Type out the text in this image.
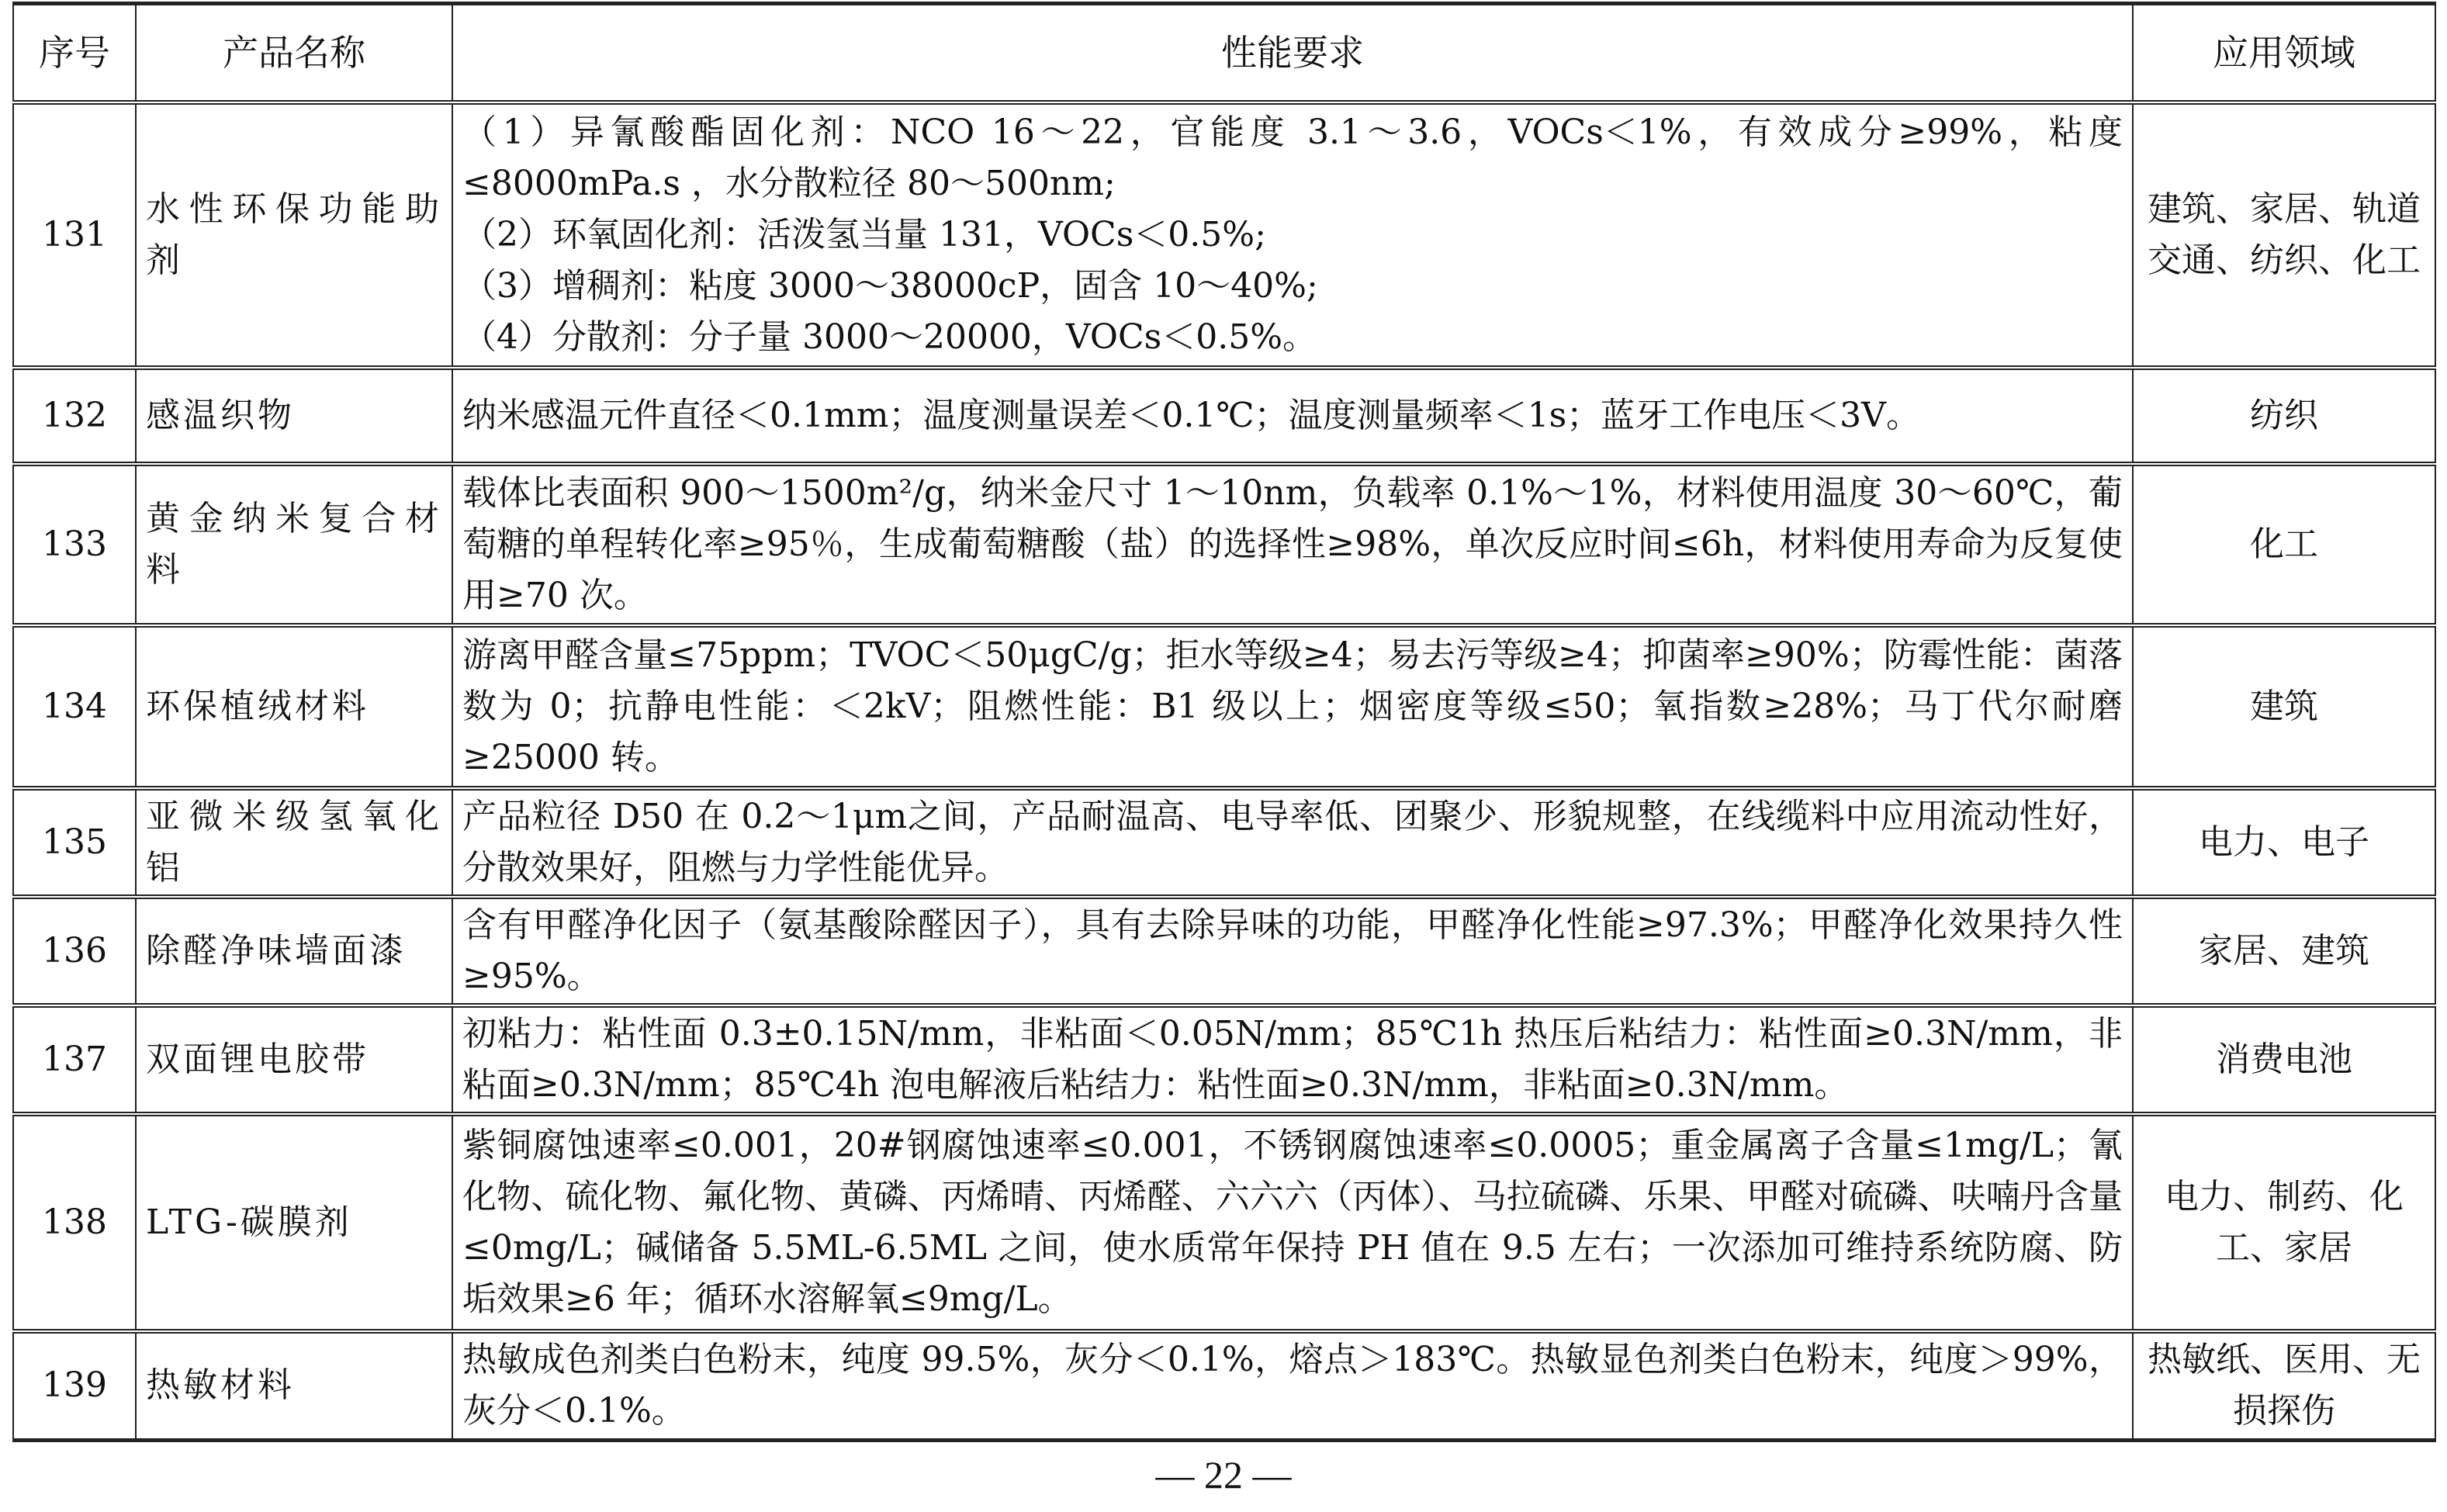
序号	产品名称	性能要求	应用领域
131	水性环保功能助剂	（1）异氰酸酯固化剂：NCO 16～22，官能度 3.1～3.6，VOCs＜1%，有效成分≥99%，粘度≤8000mPa.s ，水分散粒径 80～500nm;
（2）环氧固化剂：活泼氢当量 131，VOCs＜0.5%;
（3）增稠剂：粘度 3000～38000cP，固含 10～40%;
（4）分散剂：分子量 3000～20000，VOCs＜0.5%。	建筑、家居、轨道交通、纺织、化工
132	感温织物	纳米感温元件直径＜0.1mm；温度测量误差＜0.1℃；温度测量频率＜1s；蓝牙工作电压＜3V。	纺织
133	黄金纳米复合材料	载体比表面积 900～1500m²/g，纳米金尺寸 1～10nm，负载率 0.1%～1%，材料使用温度 30～60℃，葡萄糖的单程转化率≥95％，生成葡萄糖酸（盐）的选择性≥98%，单次反应时间≤6h，材料使用寿命为反复使用≥70 次。	化工
134	环保植绒材料	游离甲醛含量≤75ppm；TVOC＜50μgC/g；拒水等级≥4；易去污等级≥4；抑菌率≥90%；防霉性能：菌落数为 0；抗静电性能：＜2kV；阻燃性能：B1 级以上；烟密度等级≤50；氧指数≥28%；马丁代尔耐磨≥25000 转。	建筑
135	亚微米级氢氧化铝	产品粒径 D50 在 0.2～1μm之间，产品耐温高、电导率低、团聚少、形貌规整，在线缆料中应用流动性好，分散效果好，阻燃与力学性能优异。	电力、电子
136	除醛净味墙面漆	含有甲醛净化因子（氨基酸除醛因子），具有去除异味的功能，甲醛净化性能≥97.3%；甲醛净化效果持久性≥95%。	家居、建筑
137	双面锂电胶带	初粘力：粘性面 0.3±0.15N/mm，非粘面＜0.05N/mm；85℃1h 热压后粘结力：粘性面≥0.3N/mm，非粘面≥0.3N/mm；85℃4h 泡电解液后粘结力：粘性面≥0.3N/mm，非粘面≥0.3N/mm。	消费电池
138	LTG-碳膜剂	紫铜腐蚀速率≤0.001，20#钢腐蚀速率≤0.001，不锈钢腐蚀速率≤0.0005；重金属离子含量≤1mg/L；氰化物、硫化物、氟化物、黄磷、丙烯晴、丙烯醛、六六六（丙体）、马拉硫磷、乐果、甲醛对硫磷、呋喃丹含量≤0mg/L；碱储备 5.5ML-6.5ML 之间，使水质常年保持 PH 值在 9.5 左右；一次添加可维持系统防腐、防垢效果≥6 年；循环水溶解氧≤9mg/L。	电力、制药、化工、家居
139	热敏材料	热敏成色剂类白色粉末，纯度 99.5%，灰分＜0.1%，熔点＞183℃。热敏显色剂类白色粉末，纯度＞99%，灰分＜0.1%。	热敏纸、医用、无损探伤
— 22 —
